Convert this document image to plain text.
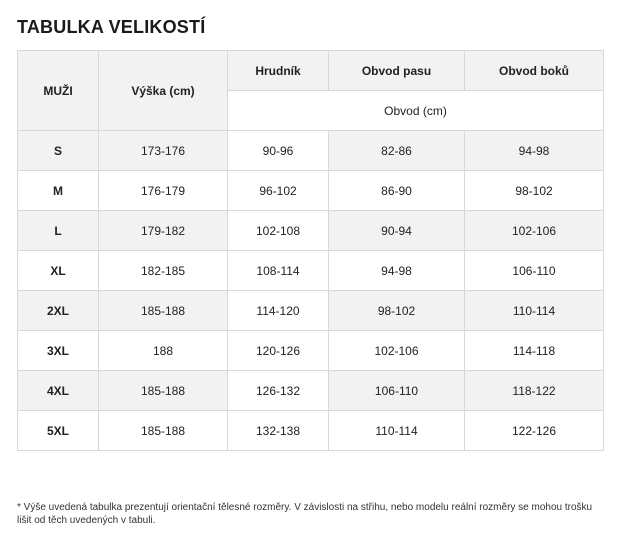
TABULKA VELIKOSTÍ
MUŽI	Výška (cm)	Hrudník	Obvod pasu	Obvod boků
		Obvod (cm)		
S	173-176	90-96	82-86	94-98
M	176-179	96-102	86-90	98-102
L	179-182	102-108	90-94	102-106
XL	182-185	108-114	94-98	106-110
2XL	185-188	114-120	98-102	110-114
3XL	188	120-126	102-106	114-118
4XL	185-188	126-132	106-110	118-122
5XL	185-188	132-138	110-114	122-126
* Výše uvedená tabulka prezentují orientační tělesné rozměry. V závislosti na střihu, nebo modelu reální rozměry se mohou trošku lišit od těch uvedených v tabuli.
